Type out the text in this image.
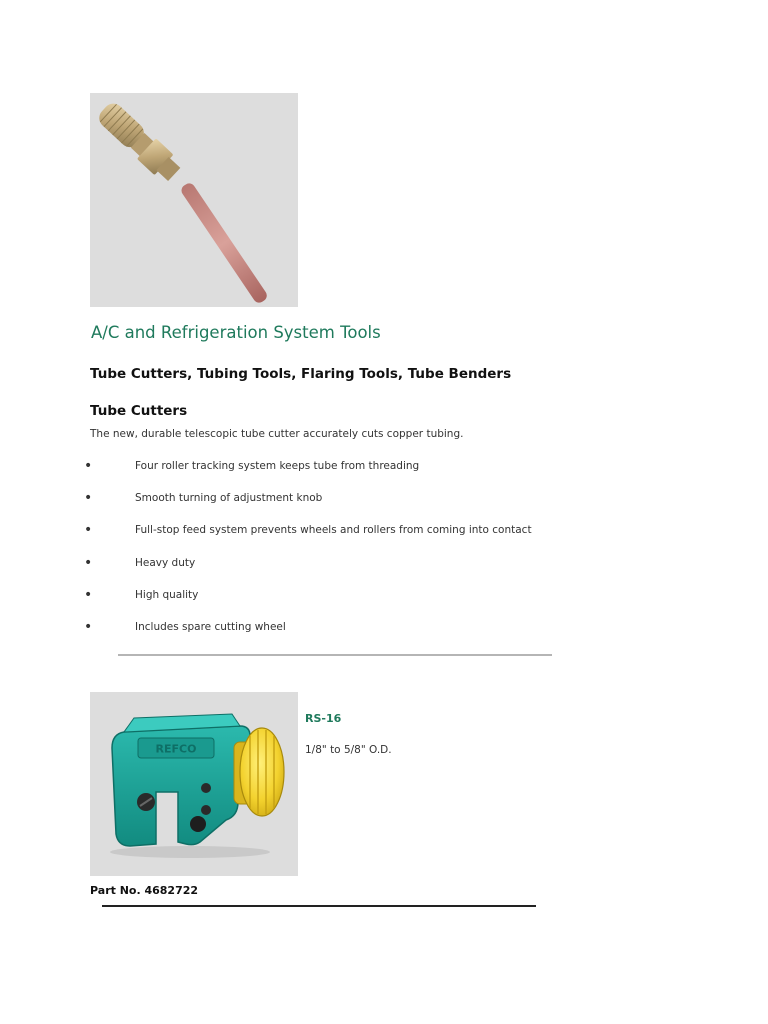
A/C and Refrigeration System Tools
Tube Cutters, Tubing Tools, Flaring Tools, Tube Benders
Tube Cutters
The new, durable telescopic tube cutter accurately cuts copper tubing.
•	Four roller tracking system keeps tube from threading
•	Smooth turning of adjustment knob
•	Full-stop feed system prevents wheels and rollers from coming into contact
•	Heavy duty
•	High quality
•	Includes spare cutting wheel
REFCO
RS-16
1/8" to 5/8" O.D.
Part No. 4682722
